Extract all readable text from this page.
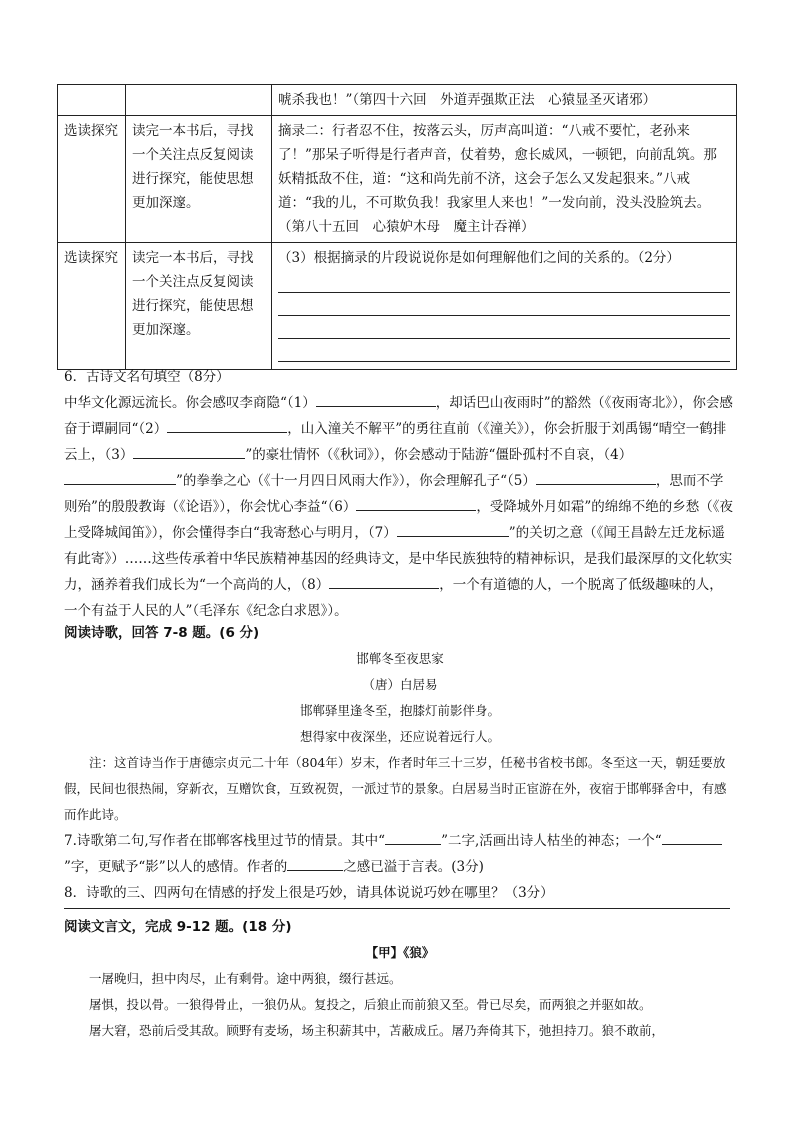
		唬杀我也！”（第四十六回　外道弄强欺正法　心猿显圣灭诸邪）
选读探究	读完一本书后，寻找一个关注点反复阅读进行探究，能使思想更加深邃。	摘录二：行者忍不住，按落云头，厉声高叫道：“八戒不要忙，老孙来了！”那呆子听得是行者声音，仗着势，愈长威风，一顿钯，向前乱筑。那妖精抵敌不住，道：“这和尚先前不济，这会子怎么又发起狠来。”八戒道：“我的儿，不可欺负我！我家里人来也！”一发向前，没头没脸筑去。（第八十五回　心猿妒木母　魔主计吞禅）
选读探究	读完一本书后，寻找一个关注点反复阅读进行探究，能使思想更加深邃。	（3）根据摘录的片段说说你是如何理解他们之间的关系的。（2分）
6．古诗文名句填空（8分）
中华文化源远流长。你会感叹李商隐“（1）	，却话巴山夜雨时”的豁然（《夜雨寄北》），你会感奋于谭嗣同“（2）	，山入潼关不解平”的勇往直前（《潼关》），你会折服于刘禹锡“晴空一鹤排云上，（3）	”的豪壮情怀（《秋词》），你会感动于陆游“僵卧孤村不自哀，（4）”的拳拳之心（《十一月四日风雨大作》），你会理解孔子“（5）	，思而不学则殆”的殷殷教诲（《论语》），你会忧心李益“（6）	，受降城外月如霜”的绵绵不绝的乡愁（《夜上受降城闻笛》），你会懂得李白“我寄愁心与明月，（7）	”的关切之意（《闻王昌龄左迁龙标遥有此寄》）……这些传承着中华民族精神基因的经典诗文，是中华民族独特的精神标识，是我们最深厚的文化软实力，涵养着我们成长为“一个高尚的人，（8）	，一个有道德的人，一个脱离了低级趣味的人，一个有益于人民的人”（毛泽东《纪念白求恩》）。
阅读诗歌，回答 7-8 题。(6 分)
邯郸冬至夜思家
（唐）白居易
邯郸驿里逢冬至，抱膝灯前影伴身。
想得家中夜深坐，还应说着远行人。
注：这首诗当作于唐德宗贞元二十年（804年）岁末，作者时年三十三岁，任秘书省校书郎。冬至这一天，朝廷要放假，民间也很热闹，穿新衣，互赠饮食，互致祝贺，一派过节的景象。白居易当时正宦游在外，夜宿于邯郸驿舍中，有感而作此诗。
7.诗歌第二句,写作者在邯郸客栈里过节的情景。其中“	”二字,活画出诗人枯坐的神态；一个“”字，更赋予“影”以人的感情。作者的	之感已溢于言表。(3分)
8．诗歌的三、四两句在情感的抒发上很是巧妙，请具体说说巧妙在哪里？（3分）
阅读文言文，完成 9-12 题。(18 分)
【甲】《狼》
一屠晚归，担中肉尽，止有剩骨。途中两狼，缀行甚远。
屠惧，投以骨。一狼得骨止，一狼仍从。复投之，后狼止而前狼又至。骨已尽矣，而两狼之并驱如故。
屠大窘，恐前后受其敌。顾野有麦场，场主积薪其中，苫蔽成丘。屠乃奔倚其下，弛担持刀。狼不敢前，
